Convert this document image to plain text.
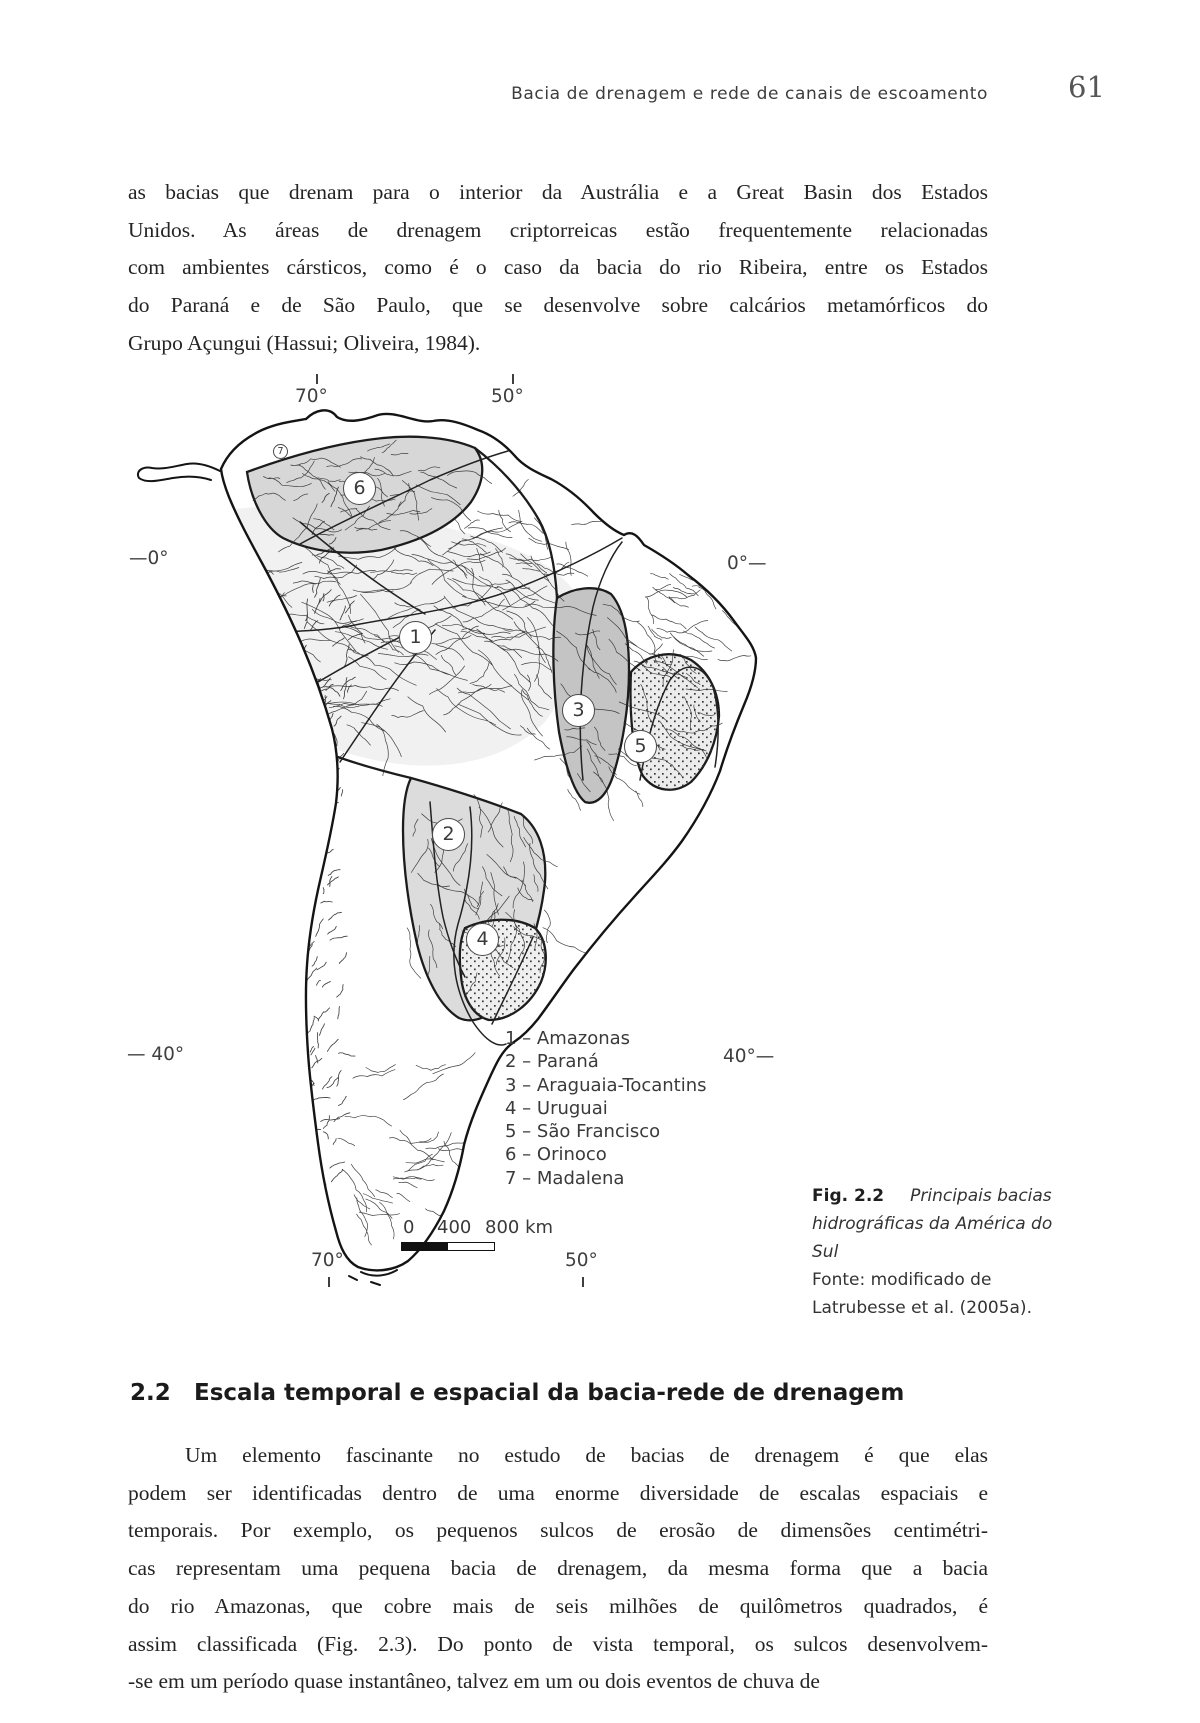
Bacia de drenagem e rede de canais de escoamento	61
as bacias que drenam para o interior da Austrália e a Great Basin dos Estados
Unidos. As áreas de drenagem criptorreicas estão frequentemente relacionadas
com ambientes cársticos, como é o caso da bacia do rio Ribeira, entre os Estados
do Paraná e de São Paulo, que se desenvolve sobre calcários metamórficos do
Grupo Açungui (Hassui; Oliveira, 1984).
70°	50°
—0°	0°—
— 40°	40°—
70°	50°
1
2
3
4
5
6
7
1 – Amazonas
2 – Paraná
3 – Araguaia-Tocantins
4 – Uruguai
5 – São Francisco
6 – Orinoco
7 – Madalena
0 400 800 km
Fig. 2.2 Principais bacias hidrográficas da América do Sul
Fonte: modificado de Latrubesse et al. (2005a).
2.2	Escala temporal e espacial da bacia-rede de drenagem
Um elemento fascinante no estudo de bacias de drenagem é que elas
podem ser identificadas dentro de uma enorme diversidade de escalas espaciais e
temporais. Por exemplo, os pequenos sulcos de erosão de dimensões centimétri-
cas representam uma pequena bacia de drenagem, da mesma forma que a bacia
do rio Amazonas, que cobre mais de seis milhões de quilômetros quadrados, é
assim classificada (Fig. 2.3). Do ponto de vista temporal, os sulcos desenvolvem-
-se em um período quase instantâneo, talvez em um ou dois eventos de chuva de
